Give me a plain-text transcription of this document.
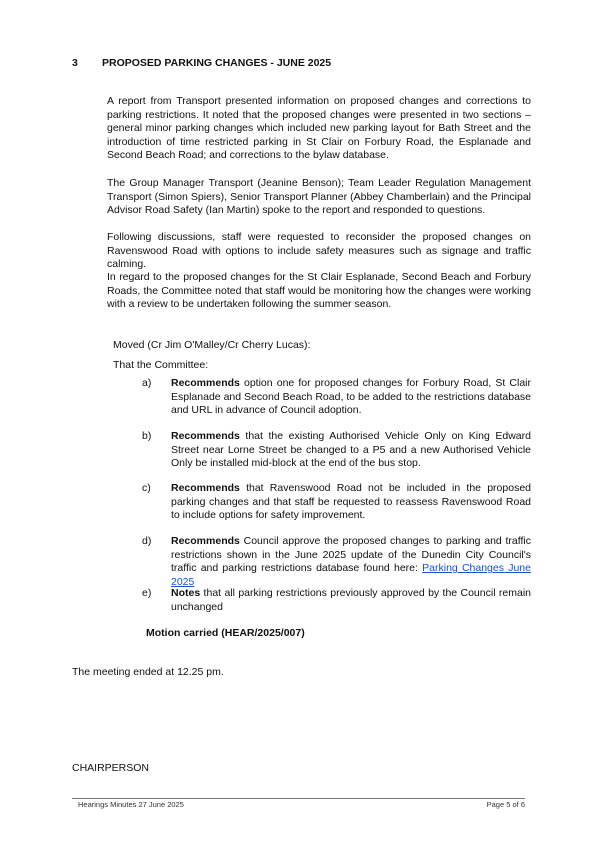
3 PROPOSED PARKING CHANGES - JUNE 2025
A report from Transport presented information on proposed changes and corrections to parking restrictions. It noted that the proposed changes were presented in two sections – general minor parking changes which included new parking layout for Bath Street and the introduction of time restricted parking in St Clair on Forbury Road, the Esplanade and Second Beach Road; and corrections to the bylaw database.
The Group Manager Transport (Jeanine Benson); Team Leader Regulation Management Transport (Simon Spiers), Senior Transport Planner (Abbey Chamberlain) and the Principal Advisor Road Safety (Ian Martin) spoke to the report and responded to questions.
Following discussions, staff were requested to reconsider the proposed changes on Ravenswood Road with options to include safety measures such as signage and traffic calming.
In regard to the proposed changes for the St Clair Esplanade, Second Beach and Forbury Roads, the Committee noted that staff would be monitoring how the changes were working with a review to be undertaken following the summer season.
Moved (Cr Jim O'Malley/Cr Cherry Lucas):
That the Committee:
a) Recommends option one for proposed changes for Forbury Road, St Clair Esplanade and Second Beach Road, to be added to the restrictions database and URL in advance of Council adoption.
b) Recommends that the existing Authorised Vehicle Only on King Edward Street near Lorne Street be changed to a P5 and a new Authorised Vehicle Only be installed mid-block at the end of the bus stop.
c) Recommends that Ravenswood Road not be included in the proposed parking changes and that staff be requested to reassess Ravenswood Road to include options for safety improvement.
d) Recommends Council approve the proposed changes to parking and traffic restrictions shown in the June 2025 update of the Dunedin City Council's traffic and parking restrictions database found here: Parking Changes June 2025
e) Notes that all parking restrictions previously approved by the Council remain unchanged
Motion carried (HEAR/2025/007)
The meeting ended at 12.25 pm.
CHAIRPERSON
Hearings Minutes 27 June 2025	Page 5 of 6
